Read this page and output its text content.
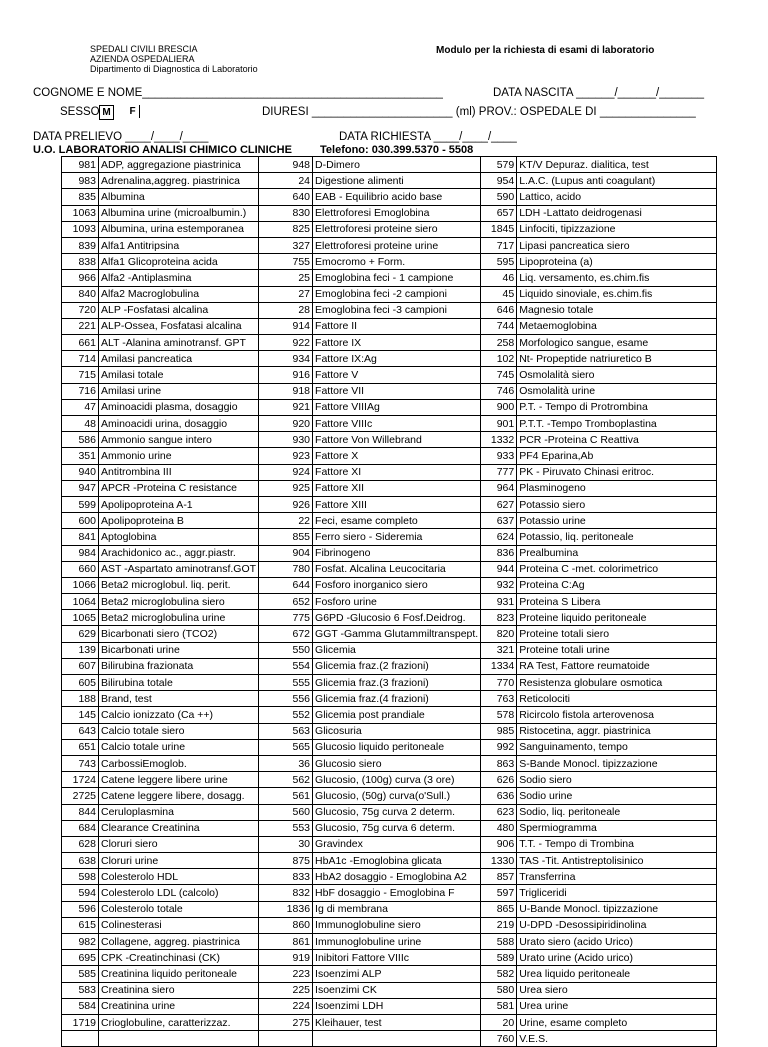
SPEDALI CIVILI BRESCIA
AZIENDA OSPEDALIERA
Dipartimento di Diagnostica di Laboratorio
Modulo per la richiesta di esami di laboratorio
COGNOME E NOME_______________________________________________	DATA NASCITA ______/______/_______
SESSO M	F	DIURESI ______________________ (ml) PROV.: OSPEDALE DI _______________
DATA PRELIEVO ____/____/____	DATA RICHIESTA ____/____/____
U.O. LABORATORIO ANALISI CHIMICO CLINICHE	Telefono: 030.399.5370 - 5508
981	ADP, aggregazione piastrinica	948	D-Dimero	579	KT/V Depuraz. dialitica, test
983	Adrenalina,aggreg. piastrinica	24	Digestione alimenti	954	L.A.C. (Lupus anti coagulant)
835	Albumina	640	EAB - Equilibrio acido base	590	Lattico, acido
1063	Albumina urine (microalbumin.)	830	Elettroforesi Emoglobina	657	LDH -Lattato deidrogenasi
1093	Albumina, urina estemporanea	825	Elettroforesi proteine siero	1845	Linfociti, tipizzazione
839	Alfa1 Antitripsina	327	Elettroforesi proteine urine	717	Lipasi pancreatica siero
838	Alfa1 Glicoproteina acida	755	Emocromo + Form.	595	Lipoproteina (a)
966	Alfa2 -Antiplasmina	25	Emoglobina feci - 1 campione	46	Liq. versamento, es.chim.fis
840	Alfa2 Macroglobulina	27	Emoglobina feci -2 campioni	45	Liquido sinoviale, es.chim.fis
720	ALP -Fosfatasi alcalina	28	Emoglobina feci -3 campioni	646	Magnesio totale
221	ALP-Ossea, Fosfatasi alcalina	914	Fattore II	744	Metaemoglobina
661	ALT -Alanina aminotransf. GPT	922	Fattore IX	258	Morfologico sangue, esame
714	Amilasi pancreatica	934	Fattore IX:Ag	102	Nt- Propeptide natriuretico B
715	Amilasi totale	916	Fattore V	745	Osmolalità siero
716	Amilasi urine	918	Fattore VII	746	Osmolalità urine
47	Aminoacidi plasma, dosaggio	921	Fattore VIIIAg	900	P.T. - Tempo di Protrombina
48	Aminoacidi urina, dosaggio	920	Fattore VIIIc	901	P.T.T. -Tempo Tromboplastina
586	Ammonio sangue intero	930	Fattore Von Willebrand	1332	PCR -Proteina C Reattiva
351	Ammonio urine	923	Fattore X	933	PF4 Eparina,Ab
940	Antitrombina III	924	Fattore XI	777	PK - Piruvato Chinasi eritroc.
947	APCR -Proteina C resistance	925	Fattore XII	964	Plasminogeno
599	Apolipoproteina A-1	926	Fattore XIII	627	Potassio siero
600	Apolipoproteina B	22	Feci, esame completo	637	Potassio urine
841	Aptoglobina	855	Ferro siero - Sideremia	624	Potassio, liq. peritoneale
984	Arachidonico ac., aggr.piastr.	904	Fibrinogeno	836	Prealbumina
660	AST -Aspartato aminotransf.GOT	780	Fosfat. Alcalina Leucocitaria	944	Proteina C -met. colorimetrico
1066	Beta2 microglobul. liq. perit.	644	Fosforo inorganico siero	932	Proteina C:Ag
1064	Beta2 microglobulina siero	652	Fosforo urine	931	Proteina S Libera
1065	Beta2 microglobulina urine	775	G6PD -Glucosio 6 Fosf.Deidrog.	823	Proteine liquido peritoneale
629	Bicarbonati siero (TCO2)	672	GGT -Gamma Glutammiltranspept.	820	Proteine totali siero
139	Bicarbonati urine	550	Glicemia	321	Proteine totali urine
607	Bilirubina frazionata	554	Glicemia fraz.(2 frazioni)	1334	RA Test, Fattore reumatoide
605	Bilirubina totale	555	Glicemia fraz.(3 frazioni)	770	Resistenza globulare osmotica
188	Brand, test	556	Glicemia fraz.(4 frazioni)	763	Reticolociti
145	Calcio ionizzato (Ca ++)	552	Glicemia post prandiale	578	Ricircolo fistola arterovenosa
643	Calcio totale siero	563	Glicosuria	985	Ristocetina, aggr. piastrinica
651	Calcio totale urine	565	Glucosio liquido peritoneale	992	Sanguinamento, tempo
743	CarbossiEmoglob.	36	Glucosio siero	863	S-Bande Monocl. tipizzazione
1724	Catene leggere libere urine	562	Glucosio, (100g) curva (3 ore)	626	Sodio siero
2725	Catene leggere libere, dosagg.	561	Glucosio, (50g) curva(o'Sull.)	636	Sodio urine
844	Ceruloplasmina	560	Glucosio, 75g curva 2 determ.	623	Sodio, liq. peritoneale
684	Clearance Creatinina	553	Glucosio, 75g curva 6 determ.	480	Spermiogramma
628	Cloruri siero	30	Gravindex	906	T.T. - Tempo di Trombina
638	Cloruri urine	875	HbA1c -Emoglobina glicata	1330	TAS -Tit. Antistreptolisinico
598	Colesterolo HDL	833	HbA2 dosaggio - Emoglobina A2	857	Transferrina
594	Colesterolo LDL (calcolo)	832	HbF dosaggio - Emoglobina F	597	Trigliceridi
596	Colesterolo totale	1836	Ig di membrana	865	U-Bande Monocl. tipizzazione
615	Colinesterasi	860	Immunoglobuline siero	219	U-DPD -Desossipiridinolina
982	Collagene, aggreg. piastrinica	861	Immunoglobuline urine	588	Urato siero (acido Urico)
695	CPK -Creatinchinasi (CK)	919	Inibitori Fattore VIIIc	589	Urato urine (Acido urico)
585	Creatinina liquido peritoneale	223	Isoenzimi ALP	582	Urea liquido peritoneale
583	Creatinina siero	225	Isoenzimi CK	580	Urea siero
584	Creatinina urine	224	Isoenzimi LDH	581	Urea urine
1719	Crioglobuline, caratterizzaz.	275	Kleihauer, test	20	Urine, esame completo
				760	V.E.S.
